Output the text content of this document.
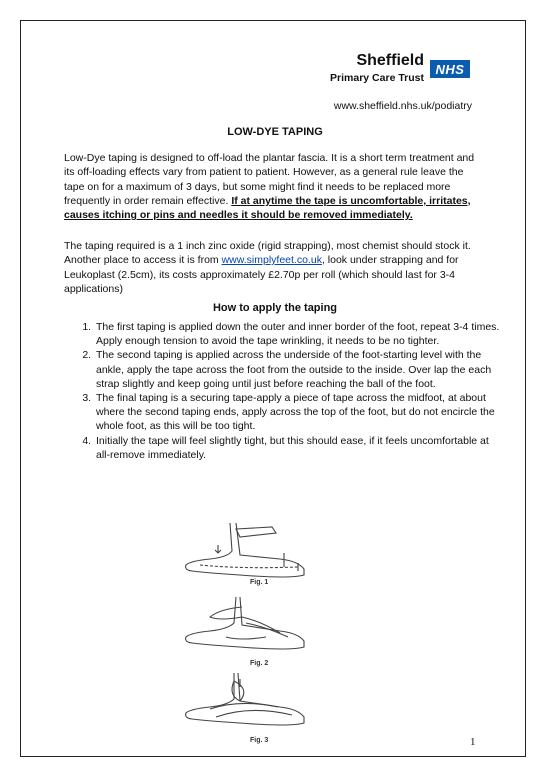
Sheffield
Primary Care Trust
NHS
www.sheffield.nhs.uk/podiatry
LOW-DYE TAPING
Low-Dye taping is designed to off-load the plantar fascia. It is a short term treatment and its off-loading effects vary from patient to patient. However, as a general rule leave the tape on for a maximum of 3 days, but some might find it needs to be replaced more frequently in order remain effective. If at anytime the tape is uncomfortable, irritates, causes itching or pins and needles it should be removed immediately.
The taping required is a 1 inch zinc oxide (rigid strapping), most chemist should stock it. Another place to access it is from www.simplyfeet.co.uk, look under strapping and for Leukoplast (2.5cm), its costs approximately £2.70p per roll (which should last for 3-4 applications)
How to apply the taping
1. The first taping is applied down the outer and inner border of the foot, repeat 3-4 times. Apply enough tension to avoid the tape wrinkling, it needs to be no tighter.
2. The second taping is applied across the underside of the foot-starting level with the ankle, apply the tape across the foot from the outside to the inside. Over lap the each strap slightly and keep going until just before reaching the ball of the foot.
3. The final taping is a securing tape-apply a piece of tape across the midfoot, at about where the second taping ends, apply across the top of the foot, but do not encircle the whole foot, as this will be too tight.
4. Initially the tape will feel slightly tight, but this should ease, if it feels uncomfortable at all-remove immediately.
Fig. 1
Fig. 2
Fig. 3	1
